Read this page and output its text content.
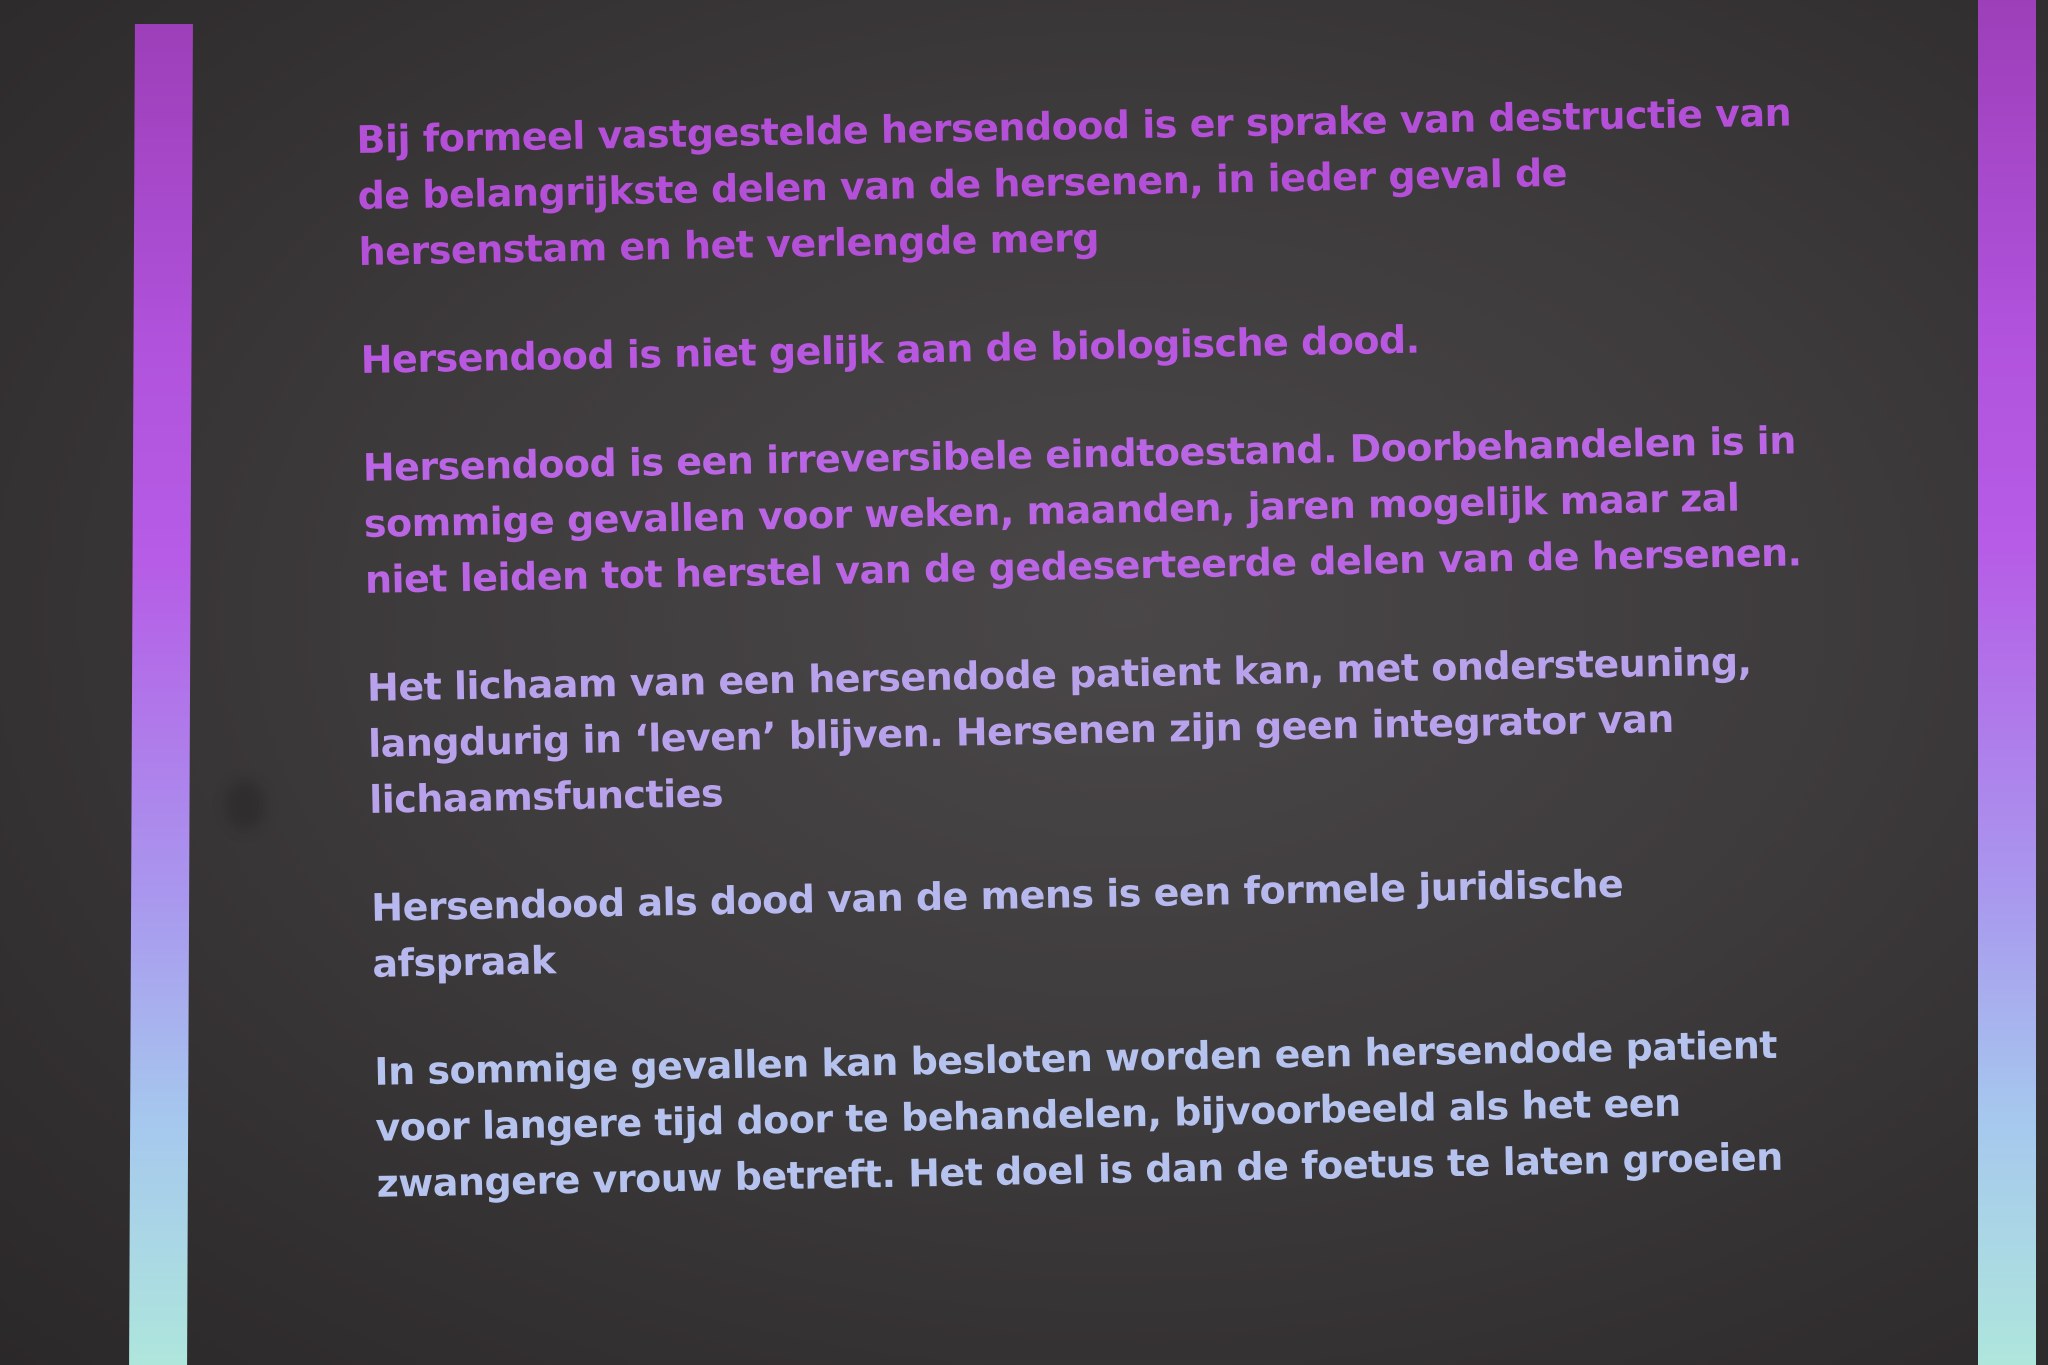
Bij formeel vastgestelde hersendood is er sprake van destructie van
de belangrijkste delen van de hersenen, in ieder geval de
hersenstam en het verlengde merg
Hersendood is niet gelijk aan de biologische dood.
Hersendood is een irreversibele eindtoestand. Doorbehandelen is in
sommige gevallen voor weken, maanden, jaren mogelijk maar zal
niet leiden tot herstel van de gedeserteerde delen van de hersenen.
Het lichaam van een hersendode patient kan, met ondersteuning,
langdurig in ‘leven’ blijven. Hersenen zijn geen integrator van
lichaamsfuncties
Hersendood als dood van de mens is een formele juridische
afspraak
In sommige gevallen kan besloten worden een hersendode patient
voor langere tijd door te behandelen, bijvoorbeeld als het een
zwangere vrouw betreft. Het doel is dan de foetus te laten groeien
